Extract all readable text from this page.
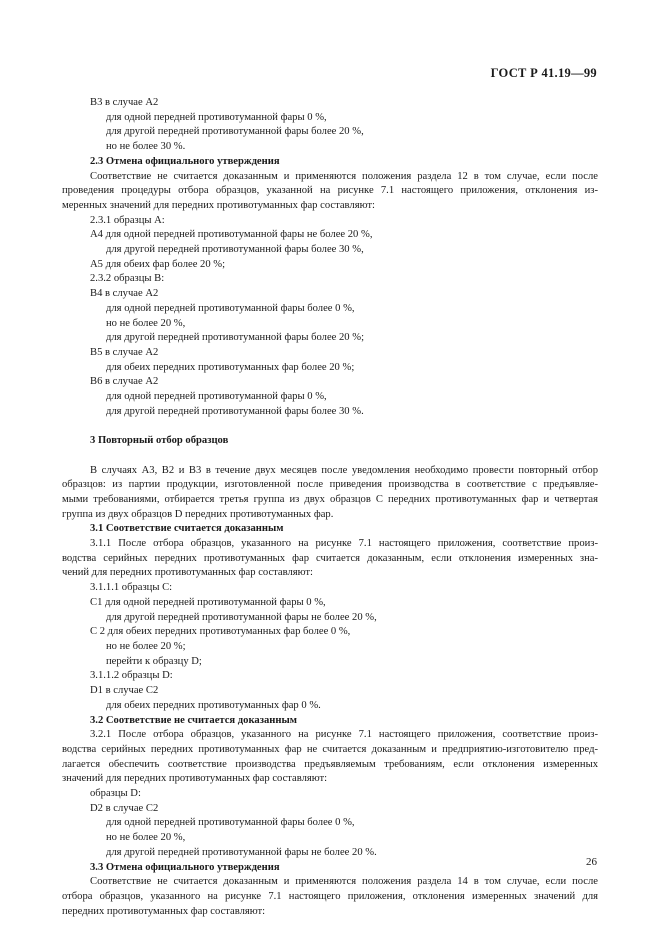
ГОСТ Р 41.19—99
B3 в случае A2
для одной передней противотуманной фары 0 %,
для другой передней противотуманной фары более 20 %,
но не более 30 %.
2.3 Отмена официального утверждения
Соответствие не считается доказанным и применяются положения раздела 12 в том случае, если после
проведения процедуры отбора образцов, указанной на рисунке 7.1 настоящего приложения, отклонения из-
меренных значений для передних противотуманных фар составляют:
2.3.1 образцы A:
A4 для одной передней противотуманной фары не более 20 %,
для другой передней противотуманной фары более 30 %,
A5 для обеих фар более 20 %;
2.3.2 образцы B:
B4 в случае A2
для одной передней противотуманной фары более 0 %,
но не более 20 %,
для другой передней противотуманной фары более 20 %;
B5 в случае A2
для обеих передних противотуманных фар более 20 %;
B6 в случае A2
для одной передней противотуманной фары 0 %,
для другой передней противотуманной фары более 30 %.
3 Повторный отбор образцов
В случаях A3, B2 и B3 в течение двух месяцев после уведомления необходимо провести повторный отбор
образцов: из партии продукции, изготовленной после приведения производства в соответствие с предъявляе-
мыми требованиями, отбирается третья группа из двух образцов C передних противотуманных фар и четвертая
группа из двух образцов D передних противотуманных фар.
3.1 Соответствие считается доказанным
3.1.1 После отбора образцов, указанного на рисунке 7.1 настоящего приложения, соответствие произ-
водства серийных передних противотуманных фар считается доказанным, если отклонения измеренных зна-
чений для передних противотуманных фар составляют:
3.1.1.1 образцы C:
C1 для одной передней противотуманной фары 0 %,
для другой передней противотуманной фары не более 20 %,
C 2 для обеих передних противотуманных фар более 0 %,
но не более 20 %;
перейти к образцу D;
3.1.1.2 образцы D:
D1 в случае C2
для обеих передних противотуманных фар 0 %.
3.2 Соответствие не считается доказанным
3.2.1 После отбора образцов, указанного на рисунке 7.1 настоящего приложения, соответствие произ-
водства серийных передних противотуманных фар не считается доказанным и предприятию-изготовителю пред-
лагается обеспечить соответствие производства предъявляемым требованиям, если отклонения измеренных
значений для передних противотуманных фар составляют:
образцы D:
D2 в случае C2
для одной передней противотуманной фары более 0 %,
но не более 20 %,
для другой передней противотуманной фары не более 20 %.
3.3 Отмена официального утверждения
Соответствие не считается доказанным и применяются положения раздела 14 в том случае, если после
отбора образцов, указанного на рисунке 7.1 настоящего приложения, отклонения измеренных значений для
передних противотуманных фар составляют:
26
